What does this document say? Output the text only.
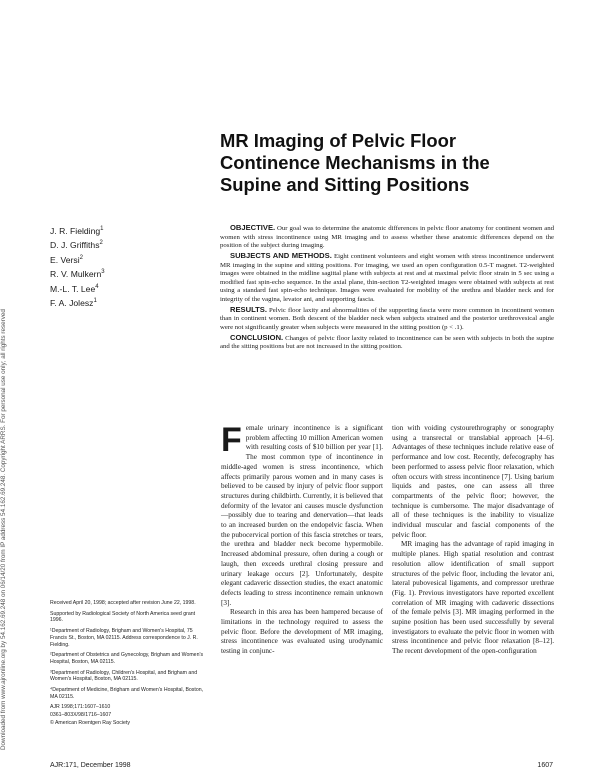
Downloaded from www.ajronline.org by 54.162.69.248 on 06/14/20 from IP address 54.162.69.248. Copyright ARRS. For personal use only; all rights reserved
MR Imaging of Pelvic Floor
Continence Mechanisms in the
Supine and Sitting Positions
J. R. Fielding$^1$
D. J. Griffiths$^2$
E. Versi$^2$
R. V. Mulkern$^3$
M.-L. T. Lee$^4$
F. A. Jolesz$^1$

OBJECTIVE. Our goal was to determine the anatomic differences in pelvic floor anatomy for continent women and women with stress incontinence using MR imaging and to assess whether these anatomic differences depend on the position of the subject during imaging.

SUBJECTS AND METHODS. Eight continent volunteers and eight women with stress incontinence underwent MR imaging in the supine and sitting positions. For imaging, we used an open configuration 0.5-T magnet. T2-weighted images were obtained in the midline sagittal plane with subjects at rest and at maximal pelvic floor strain in 5 sec using a modified fast spin-echo sequence. In the axial plane, thin-section T2-weighted images were obtained with subjects at rest using a standard fast spin-echo technique. Images were evaluated for mobility of the urethra and bladder neck and for integrity of the vagina, levator ani, and supporting fascia.

RESULTS. Pelvic floor laxity and abnormalities of the supporting fascia were more common in incontinent women than in continent women. Both descent of the bladder neck when subjects strained and the posterior urethrovesical angle were not significantly greater when subjects were measured in the sitting position (p < .1).

CONCLUSION. Changes of pelvic floor laxity related to incontinence can be seen with subjects in both the supine and the sitting positions but are not increased in the sitting position.

Female urinary incontinence is a significant problem affecting 10 million American women with resulting costs of $10 billion per year [1]. The most common type of incontinence in middle-aged women is stress incontinence, which affects primarily parous women and in many cases is believed to be caused by injury of pelvic floor support structures during childbirth. Currently, it is believed that deformity of the levator ani causes muscle dysfunction—possibly due to tearing and denervation—that leads to an increased burden on the endopelvic fascia. When the pubocervical portion of this fascia stretches or tears, the urethra and bladder neck become hypermobile. Increased abdominal pressure, often during a cough or laugh, then exceeds urethral closing pressure and urinary leakage occurs [2]. Unfortunately, despite elegant cadaveric dissection studies, the exact anatomic defects leading to stress incontinence remain unknown [3].

Research in this area has been hampered because of limitations in the technology required to assess the pelvic floor. Before the development of MR imaging, stress incontinence was evaluated using urodynamic testing in conjunc-

tion with voiding cystourethrography or sonography using a transrectal or translabial approach [4–6]. Advantages of these techniques include relative ease of performance and low cost. Recently, defecography has been performed to assess pelvic floor relaxation, which often occurs with stress incontinence [7]. Using barium liquids and pastes, one can assess all three compartments of the pelvic floor; however, the technique is cumbersome. The major disadvantage of all of these techniques is the inability to visualize individual muscular and fascial components of the pelvic floor.

MR imaging has the advantage of rapid imaging in multiple planes. High spatial resolution and contrast resolution allow identification of small support structures of the pelvic floor, including the levator ani, lateral pubovesical ligaments, and compressor urethrae (Fig. 1). Previous investigators have reported excellent correlation of MR imaging with cadaveric dissections of the female pelvis [3]. MR imaging performed in the supine position has been used successfully by several investigators to evaluate the pelvic floor in women with stress incontinence and pelvic floor relaxation [8–12]. The recent development of the open-configuration

Received April 20, 1998; accepted after revision June 22, 1998.

Supported by Radiological Society of North America seed grant 1996.

¹Department of Radiology, Brigham and Women's Hospital, 75 Francis St., Boston, MA 02115. Address correspondence to J. R. Fielding.

²Department of Obstetrics and Gynecology, Brigham and Women's Hospital, Boston, MA 02115.

³Department of Radiology, Children's Hospital, and Brigham and Women's Hospital, Boston, MA 02115.

⁴Department of Medicine, Brigham and Women's Hospital, Boston, MA 02115.

AJR 1998;171:1607–1610

0361–803X/98/1716–1607

© American Roentgen Ray Society

AJR:171, December 1998	1607
